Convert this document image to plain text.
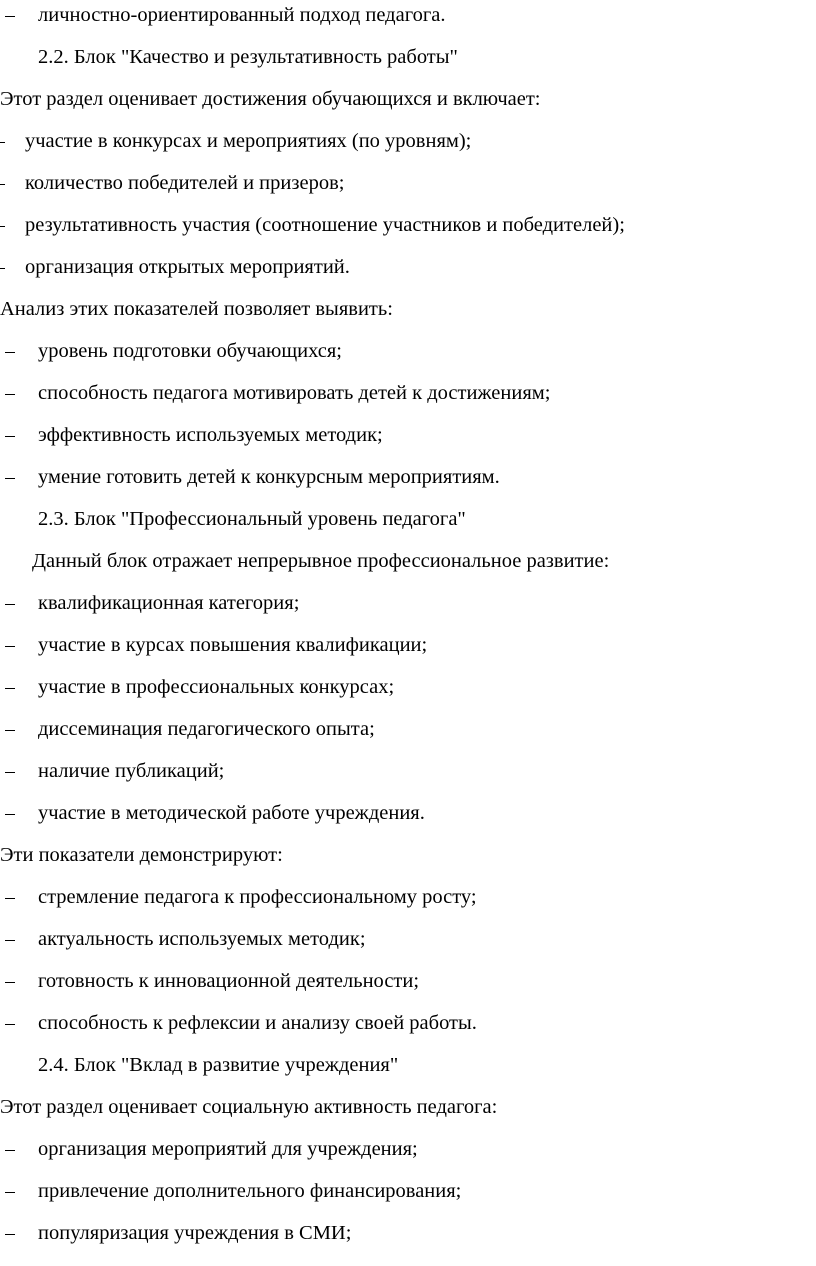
личностно-ориентированный подход педагога.
2.2. Блок "Качество и результативность работы"
Этот раздел оценивает достижения обучающихся и включает:
участие в конкурсах и мероприятиях (по уровням);
количество победителей и призеров;
результативность участия (соотношение участников и победителей);
организация открытых мероприятий.
Анализ этих показателей позволяет выявить:
уровень подготовки обучающихся;
способность педагога мотивировать детей к достижениям;
эффективность используемых методик;
умение готовить детей к конкурсным мероприятиям.
2.3. Блок "Профессиональный уровень педагога"
Данный блок отражает непрерывное профессиональное развитие:
квалификационная категория;
участие в курсах повышения квалификации;
участие в профессиональных конкурсах;
диссеминация педагогического опыта;
наличие публикаций;
участие в методической работе учреждения.
Эти показатели демонстрируют:
стремление педагога к профессиональному росту;
актуальность используемых методик;
готовность к инновационной деятельности;
способность к рефлексии и анализу своей работы.
2.4. Блок "Вклад в развитие учреждения"
Этот раздел оценивает социальную активность педагога:
организация мероприятий для учреждения;
привлечение дополнительного финансирования;
популяризация учреждения в СМИ;
